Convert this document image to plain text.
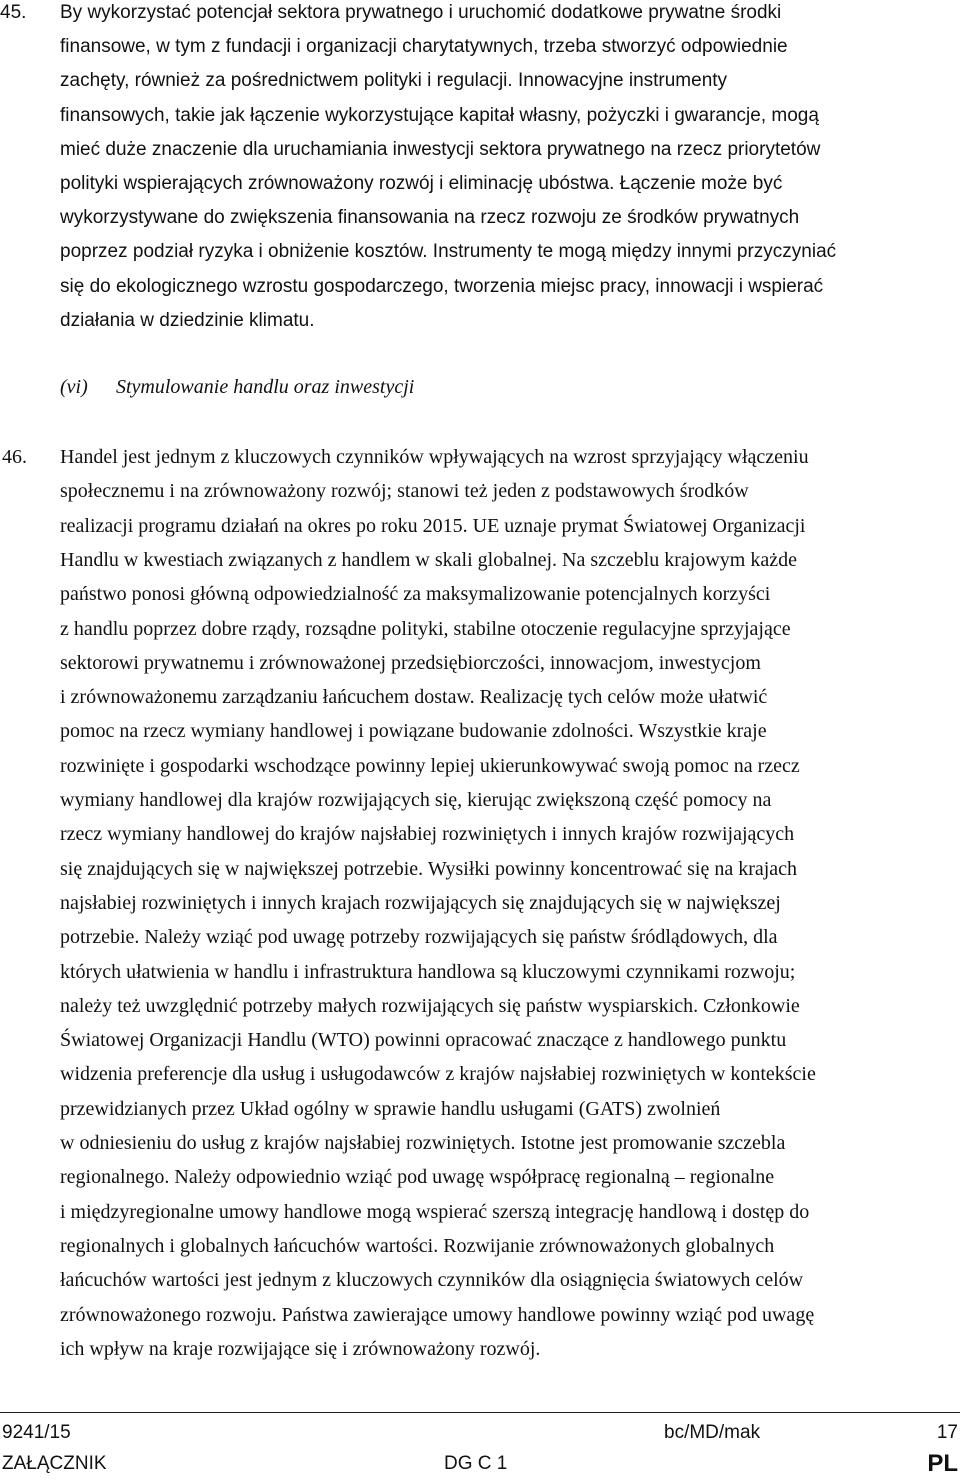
45. By wykorzystać potencjał sektora prywatnego i uruchomić dodatkowe prywatne środki
finansowe, w tym z fundacji i organizacji charytatywnych, trzeba stworzyć odpowiednie
zachęty, również za pośrednictwem polityki i regulacji. Innowacyjne instrumenty
finansowych, takie jak łączenie wykorzystujące kapitał własny, pożyczki i gwarancje, mogą
mieć duże znaczenie dla uruchamiania inwestycji sektora prywatnego na rzecz priorytetów
polityki wspierających zrównoważony rozwój i eliminację ubóstwa. Łączenie może być
wykorzystywane do zwiększenia finansowania na rzecz rozwoju ze środków prywatnych
poprzez podział ryzyka i obniżenie kosztów. Instrumenty te mogą między innymi przyczyniać
się do ekologicznego wzrostu gospodarczego, tworzenia miejsc pracy, innowacji i wspierać
działania w dziedzinie klimatu.
(vi) Stymulowanie handlu oraz inwestycji
46. Handel jest jednym z kluczowych czynników wpływających na wzrost sprzyjający włączeniu
społecznemu i na zrównoważony rozwój; stanowi też jeden z podstawowych środków
realizacji programu działań na okres po roku 2015. UE uznaje prymat Światowej Organizacji
Handlu w kwestiach związanych z handlem w skali globalnej. Na szczeblu krajowym każde
państwo ponosi główną odpowiedzialność za maksymalizowanie potencjalnych korzyści
z handlu poprzez dobre rządy, rozsądne polityki, stabilne otoczenie regulacyjne sprzyjające
sektorowi prywatnemu i zrównoważonej przedsiębiorczości, innowacjom, inwestycjom
i zrównoważonemu zarządzaniu łańcuchem dostaw. Realizację tych celów może ułatwić
pomoc na rzecz wymiany handlowej i powiązane budowanie zdolności. Wszystkie kraje
rozwinięte i gospodarki wschodzące powinny lepiej ukierunkowywać swoją pomoc na rzecz
wymiany handlowej dla krajów rozwijających się, kierując zwiększoną część pomocy na
rzecz wymiany handlowej do krajów najsłabiej rozwiniętych i innych krajów rozwijających
się znajdujących się w największej potrzebie. Wysiłki powinny koncentrować się na krajach
najsłabiej rozwiniętych i innych krajach rozwijających się znajdujących się w największej
potrzebie. Należy wziąć pod uwagę potrzeby rozwijających się państw śródlądowych, dla
których ułatwienia w handlu i infrastruktura handlowa są kluczowymi czynnikami rozwoju;
należy też uwzględnić potrzeby małych rozwijających się państw wyspiarskich. Członkowie
Światowej Organizacji Handlu (WTO) powinni opracować znaczące z handlowego punktu
widzenia preferencje dla usług i usługodawców z krajów najsłabiej rozwiniętych w kontekście
przewidzianych przez Układ ogólny w sprawie handlu usługami (GATS) zwolnień
w odniesieniu do usług z krajów najsłabiej rozwiniętych. Istotne jest promowanie szczebla
regionalnego. Należy odpowiednio wziąć pod uwagę współpracę regionalną – regionalne
i międzyregionalne umowy handlowe mogą wspierać szerszą integrację handlową i dostęp do
regionalnych i globalnych łańcuchów wartości. Rozwijanie zrównoważonych globalnych
łańcuchów wartości jest jednym z kluczowych czynników dla osiągnięcia światowych celów
zrównoważonego rozwoju. Państwa zawierające umowy handlowe powinny wziąć pod uwagę
ich wpływ na kraje rozwijające się i zrównoważony rozwój.
9241/15	bc/MD/mak	17
ZAŁĄCZNIK	DG C 1	PL
